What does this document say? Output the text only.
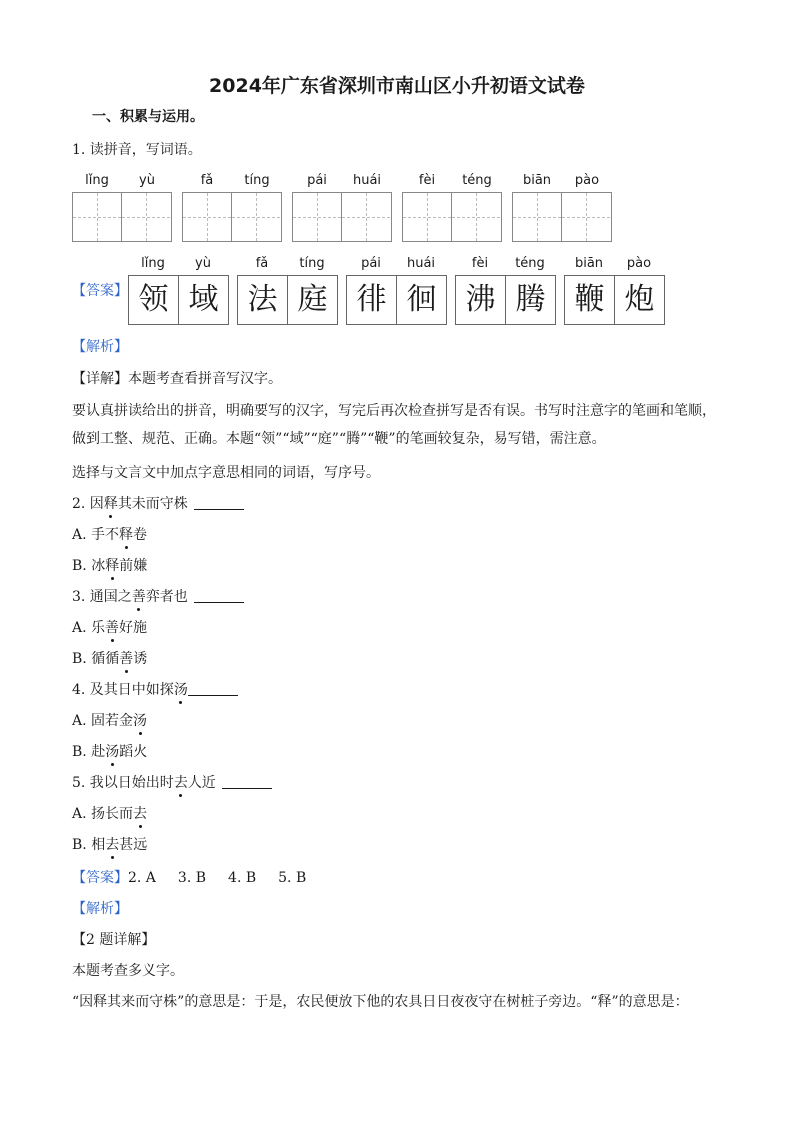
2024年广东省深圳市南山区小升初语文试卷
一、积累与运用。
1. 读拼音，写词语。
lǐng	yù	fǎ	tíng	pái	huái	fèi	téng	biān	pào
【答案】
lǐng	yù
领 域
fǎ	tíng
法 庭
pái	huái
徘 徊
fèi	téng
沸 腾
biān	pào
鞭 炮
【解析】
【详解】本题考查看拼音写汉字。
要认真拼读给出的拼音，明确要写的汉字，写完后再次检查拼写是否有误。书写时注意字的笔画和笔顺，做到工整、规范、正确。本题“领”“域”“庭”“腾”“鞭”的笔画较复杂，易写错，需注意。
选择与文言文中加点字意思相同的词语，写序号。
2. 因释其未而守株
A. 手不释卷
B. 冰释前嫌
3. 通国之善弈者也
A. 乐善好施
B. 循循善诱
4. 及其日中如探汤
A. 固若金汤
B. 赴汤蹈火
5. 我以日始出时去人近
A. 扬长而去
B. 相去甚远
【答案】2. A 3. B 4. B 5. B
【解析】
【2 题详解】
本题考查多义字。
“因释其来而守株”的意思是：于是，农民便放下他的农具日日夜夜守在树桩子旁边。“释”的意思是：
